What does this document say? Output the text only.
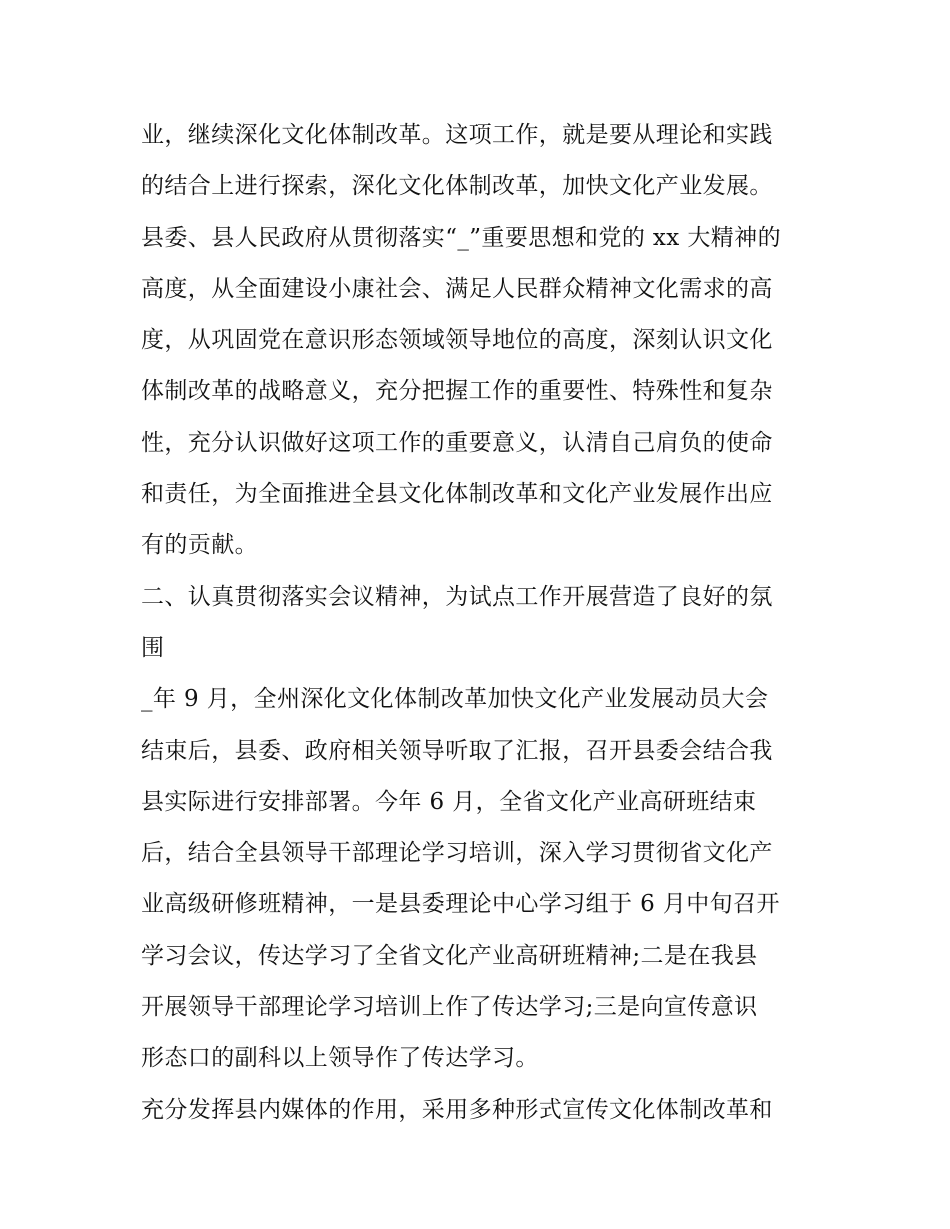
业，继续深化文化体制改革。这项工作，就是要从理论和实践
的结合上进行探索，深化文化体制改革，加快文化产业发展。
县委、县人民政府从贯彻落实“_”重要思想和党的 xx 大精神的
高度，从全面建设小康社会、满足人民群众精神文化需求的高
度，从巩固党在意识形态领域领导地位的高度，深刻认识文化
体制改革的战略意义，充分把握工作的重要性、特殊性和复杂
性，充分认识做好这项工作的重要意义，认清自己肩负的使命
和责任，为全面推进全县文化体制改革和文化产业发展作出应
有的贡献。
二、认真贯彻落实会议精神，为试点工作开展营造了良好的氛
围
_年 9 月，全州深化文化体制改革加快文化产业发展动员大会
结束后，县委、政府相关领导听取了汇报，召开县委会结合我
县实际进行安排部署。今年 6 月，全省文化产业高研班结束
后，结合全县领导干部理论学习培训，深入学习贯彻省文化产
业高级研修班精神，一是县委理论中心学习组于 6 月中旬召开
学习会议，传达学习了全省文化产业高研班精神;二是在我县
开展领导干部理论学习培训上作了传达学习;三是向宣传意识
形态口的副科以上领导作了传达学习。
充分发挥县内媒体的作用，采用多种形式宣传文化体制改革和
